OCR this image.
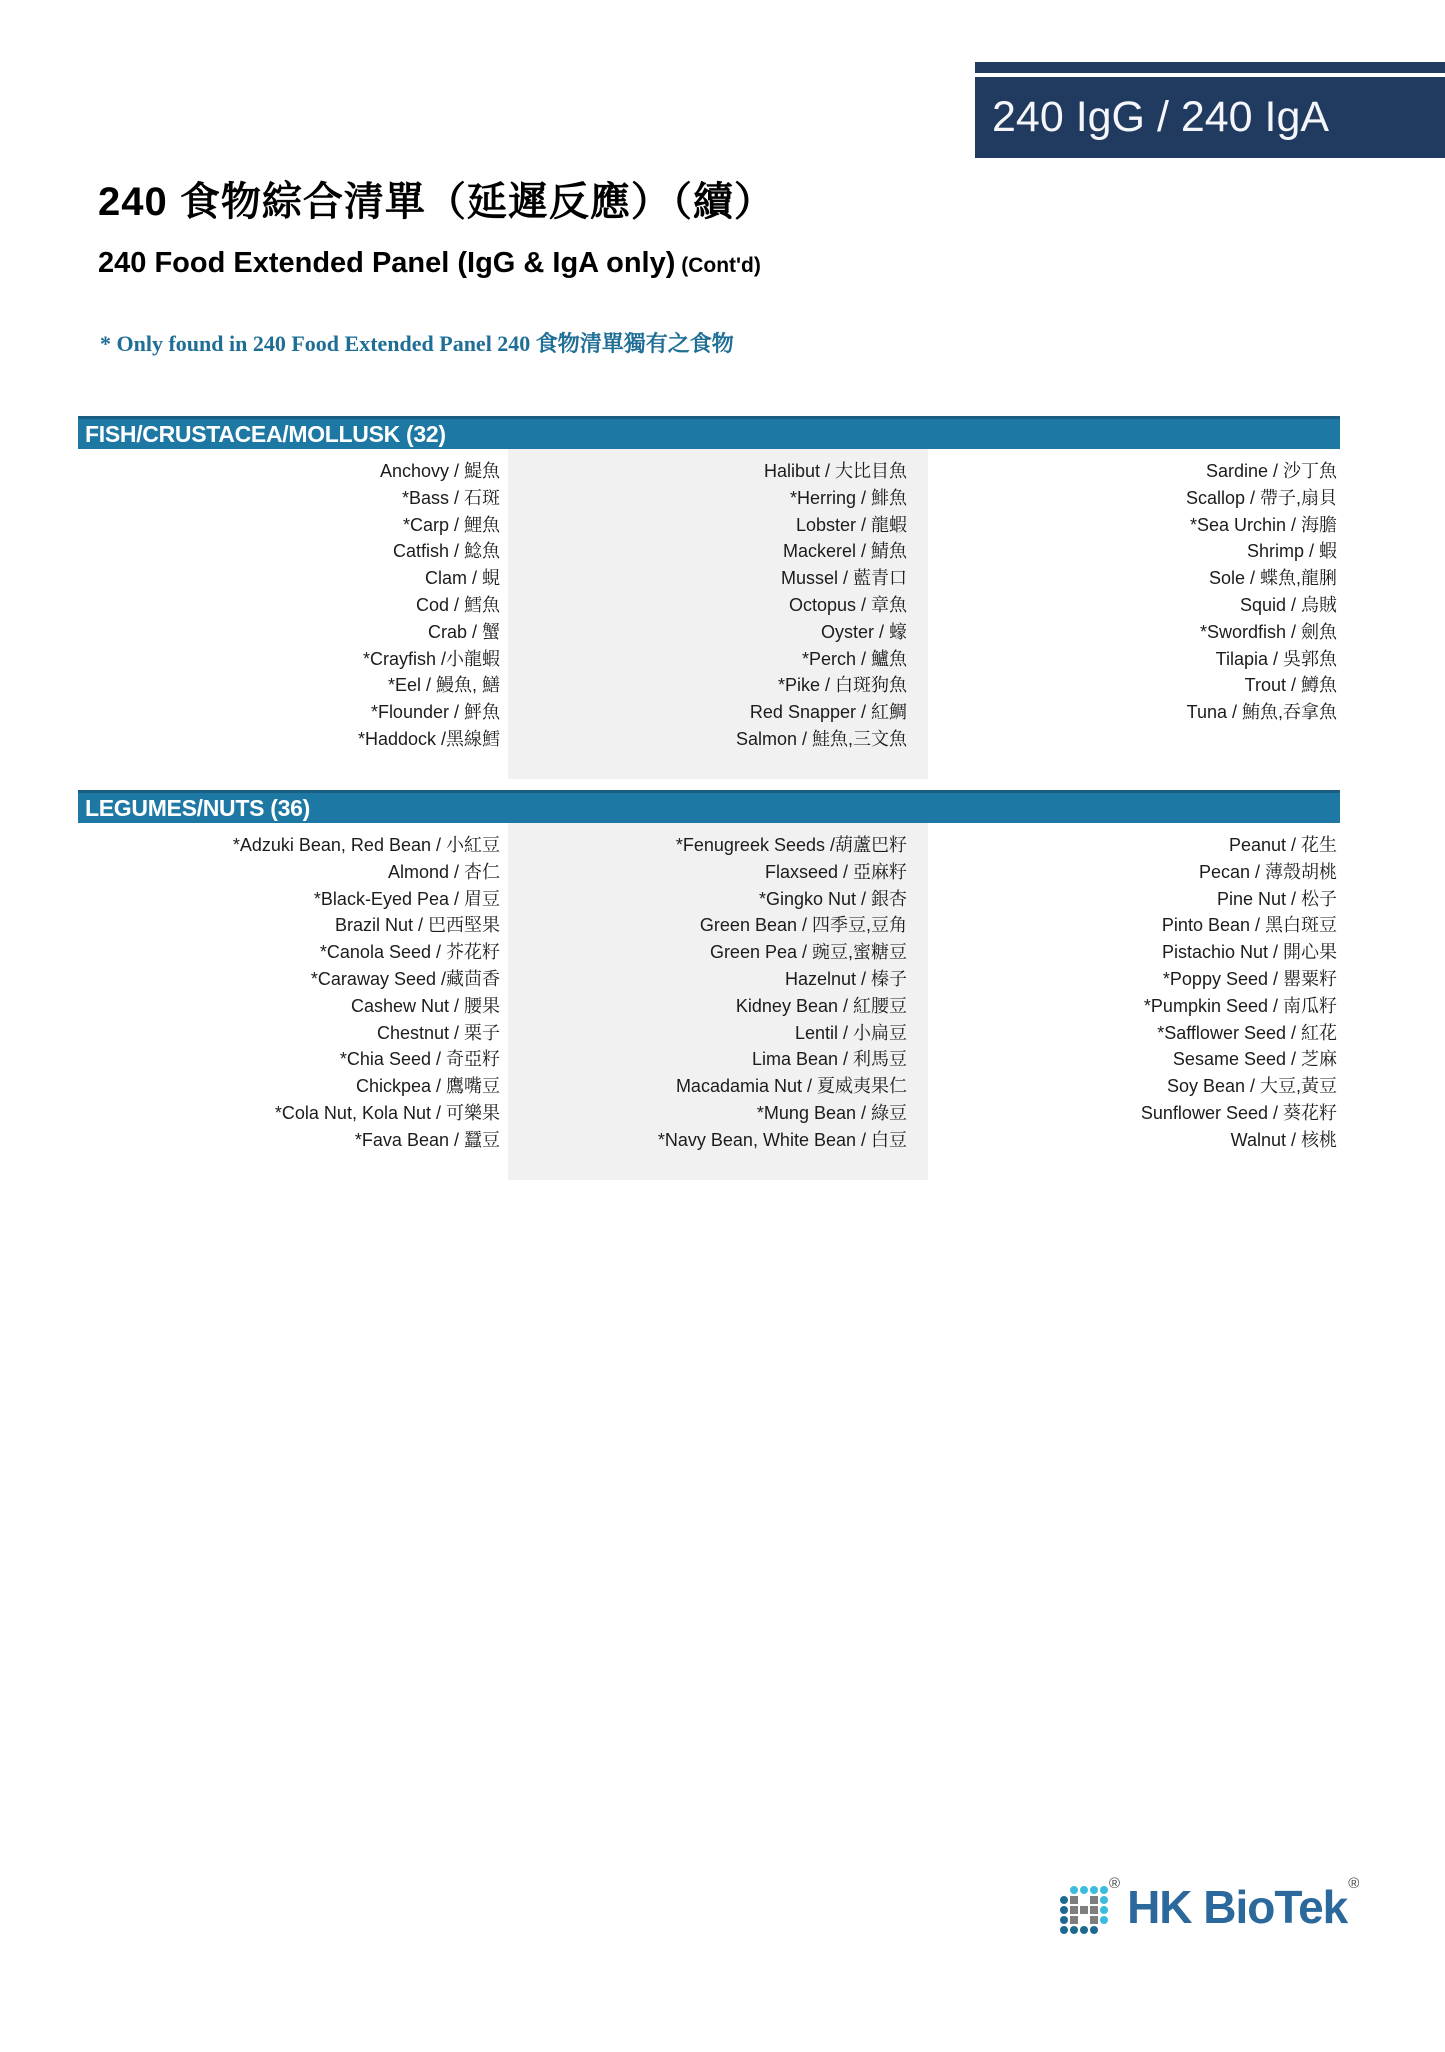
240 IgG / 240 IgA
240 食物綜合清單（延遲反應）（續）
240 Food Extended Panel (IgG & IgA only) (Cont'd)
* Only found in 240 Food Extended Panel 240 食物清單獨有之食物
FISH/CRUSTACEA/MOLLUSK (32)
Anchovy / 鯷魚
*Bass / 石斑
*Carp / 鯉魚
Catfish / 鯰魚
Clam / 蜆
Cod / 鱈魚
Crab / 蟹
*Crayfish /小龍蝦
*Eel / 鰻魚, 鱔
*Flounder / 鮃魚
*Haddock /黑線鱈
Halibut / 大比目魚
*Herring / 鯡魚
Lobster / 龍蝦
Mackerel / 鯖魚
Mussel / 藍青口
Octopus / 章魚
Oyster / 蠔
*Perch / 鱸魚
*Pike / 白斑狗魚
Red Snapper / 紅鯛
Salmon / 鮭魚,三文魚
Sardine / 沙丁魚
Scallop / 帶子,扇貝
*Sea Urchin / 海膽
Shrimp / 蝦
Sole / 蝶魚,龍脷
Squid / 烏賊
*Swordfish / 劍魚
Tilapia / 吳郭魚
Trout / 鱒魚
Tuna / 鮪魚,吞拿魚
LEGUMES/NUTS (36)
*Adzuki Bean, Red Bean / 小紅豆
Almond / 杏仁
*Black-Eyed Pea / 眉豆
Brazil Nut / 巴西堅果
*Canola Seed / 芥花籽
*Caraway Seed /藏茴香
Cashew Nut / 腰果
Chestnut / 栗子
*Chia Seed / 奇亞籽
Chickpea / 鷹嘴豆
*Cola Nut, Kola Nut / 可樂果
*Fava Bean / 蠶豆
*Fenugreek Seeds /葫蘆巴籽
Flaxseed / 亞麻籽
*Gingko Nut / 銀杏
Green Bean / 四季豆,豆角
Green Pea / 豌豆,蜜糖豆
Hazelnut / 榛子
Kidney Bean / 紅腰豆
Lentil / 小扁豆
Lima Bean / 利馬豆
Macadamia Nut / 夏威夷果仁
*Mung Bean / 綠豆
*Navy Bean, White Bean / 白豆
Peanut / 花生
Pecan / 薄殼胡桃
Pine Nut / 松子
Pinto Bean / 黑白斑豆
Pistachio Nut / 開心果
*Poppy Seed / 罌粟籽
*Pumpkin Seed / 南瓜籽
*Safflower Seed / 紅花
Sesame Seed / 芝麻
Soy Bean / 大豆,黃豆
Sunflower Seed / 葵花籽
Walnut / 核桃
® HK BioTek ®
